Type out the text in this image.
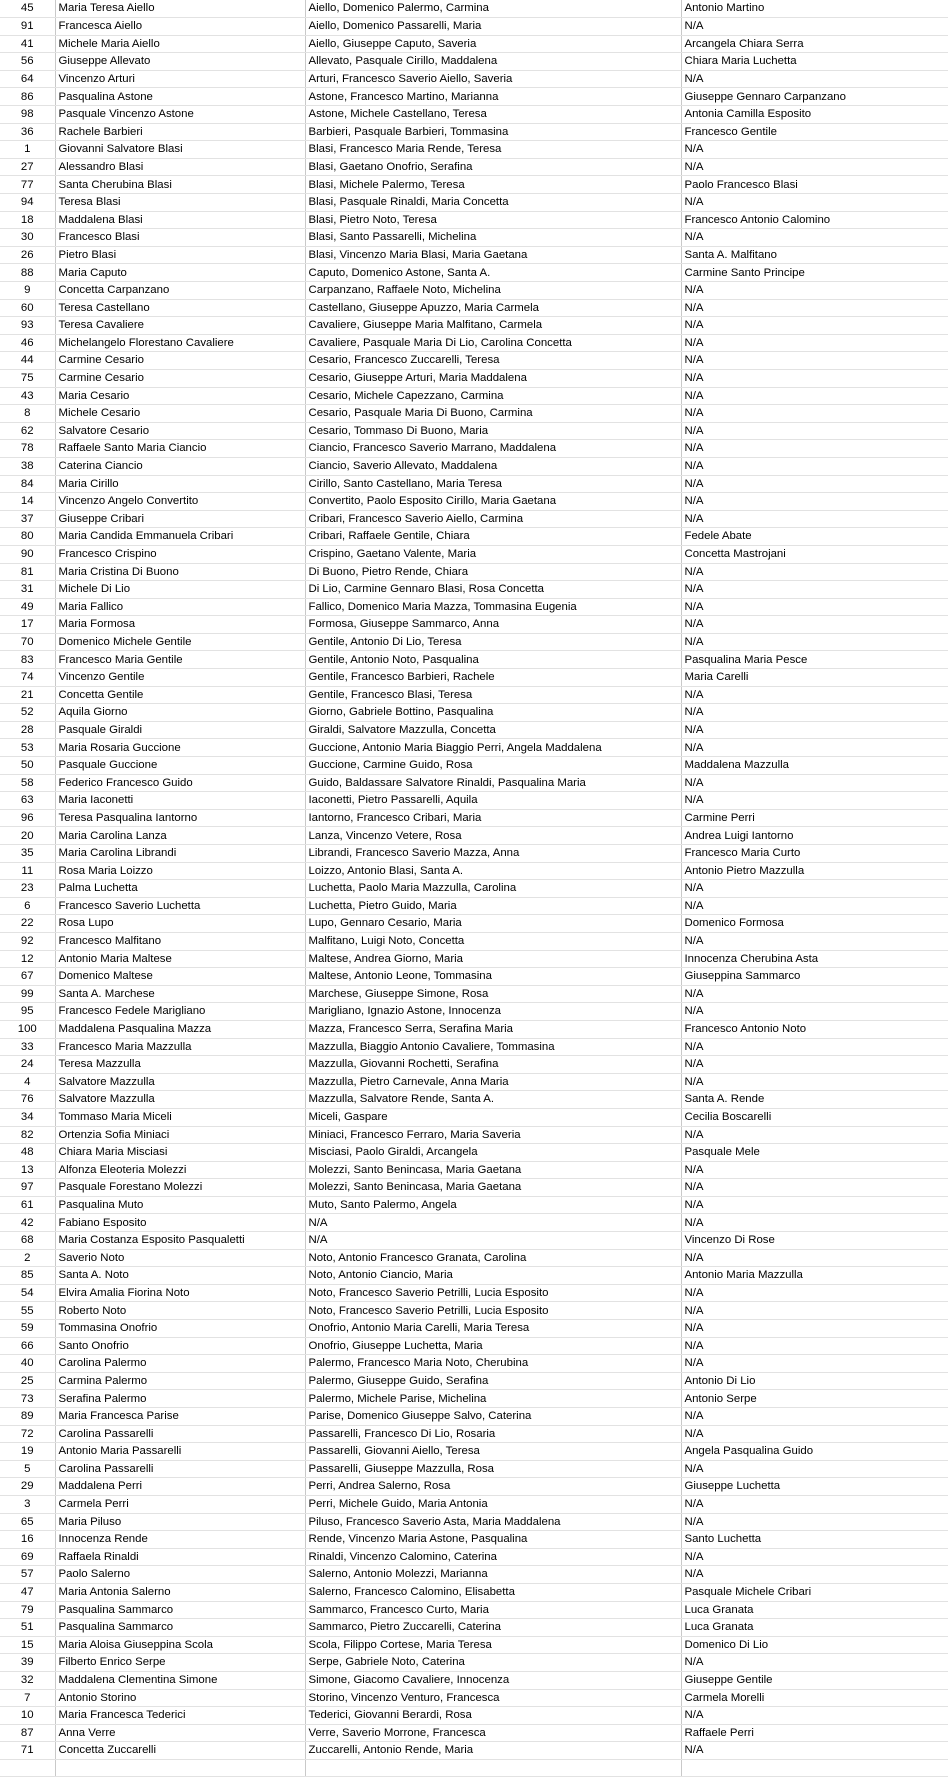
45	Maria Teresa Aiello	Aiello, Domenico Palermo, Carmina	Antonio Martino
91	Francesca Aiello	Aiello, Domenico Passarelli, Maria	N/A
41	Michele Maria Aiello	Aiello, Giuseppe Caputo, Saveria	Arcangela Chiara Serra
56	Giuseppe Allevato	Allevato, Pasquale Cirillo, Maddalena	Chiara Maria Luchetta
64	Vincenzo Arturi	Arturi, Francesco Saverio Aiello, Saveria	N/A
86	Pasqualina Astone	Astone, Francesco Martino, Marianna	Giuseppe Gennaro Carpanzano
98	Pasquale Vincenzo Astone	Astone, Michele Castellano, Teresa	Antonia Camilla Esposito
36	Rachele Barbieri	Barbieri, Pasquale Barbieri, Tommasina	Francesco Gentile
1	Giovanni Salvatore Blasi	Blasi, Francesco Maria Rende, Teresa	N/A
27	Alessandro Blasi	Blasi, Gaetano Onofrio, Serafina	N/A
77	Santa Cherubina Blasi	Blasi, Michele Palermo, Teresa	Paolo Francesco Blasi
94	Teresa Blasi	Blasi, Pasquale Rinaldi, Maria Concetta	N/A
18	Maddalena Blasi	Blasi, Pietro Noto, Teresa	Francesco Antonio Calomino
30	Francesco Blasi	Blasi, Santo Passarelli, Michelina	N/A
26	Pietro Blasi	Blasi, Vincenzo Maria Blasi, Maria Gaetana	Santa A. Malfitano
88	Maria Caputo	Caputo, Domenico Astone, Santa A.	Carmine Santo Principe
9	Concetta Carpanzano	Carpanzano, Raffaele Noto, Michelina	N/A
60	Teresa Castellano	Castellano, Giuseppe Apuzzo, Maria Carmela	N/A
93	Teresa Cavaliere	Cavaliere, Giuseppe Maria Malfitano, Carmela	N/A
46	Michelangelo Florestano Cavaliere	Cavaliere, Pasquale Maria Di Lio, Carolina Concetta	N/A
44	Carmine Cesario	Cesario, Francesco Zuccarelli, Teresa	N/A
75	Carmine Cesario	Cesario, Giuseppe Arturi, Maria Maddalena	N/A
43	Maria Cesario	Cesario, Michele Capezzano, Carmina	N/A
8	Michele Cesario	Cesario, Pasquale Maria Di Buono, Carmina	N/A
62	Salvatore Cesario	Cesario, Tommaso Di Buono, Maria	N/A
78	Raffaele Santo Maria Ciancio	Ciancio, Francesco Saverio Marrano, Maddalena	N/A
38	Caterina Ciancio	Ciancio, Saverio Allevato, Maddalena	N/A
84	Maria Cirillo	Cirillo, Santo Castellano, Maria Teresa	N/A
14	Vincenzo Angelo Convertito	Convertito, Paolo Esposito Cirillo, Maria Gaetana	N/A
37	Giuseppe Cribari	Cribari, Francesco Saverio Aiello, Carmina	N/A
80	Maria Candida Emmanuela Cribari	Cribari, Raffaele Gentile, Chiara	Fedele Abate
90	Francesco Crispino	Crispino, Gaetano Valente, Maria	Concetta Mastrojani
81	Maria Cristina Di Buono	Di Buono, Pietro Rende, Chiara	N/A
31	Michele Di Lio	Di Lio, Carmine Gennaro Blasi, Rosa Concetta	N/A
49	Maria Fallico	Fallico, Domenico Maria Mazza, Tommasina Eugenia	N/A
17	Maria Formosa	Formosa, Giuseppe Sammarco, Anna	N/A
70	Domenico Michele Gentile	Gentile, Antonio Di Lio, Teresa	N/A
83	Francesco Maria Gentile	Gentile, Antonio Noto, Pasqualina	Pasqualina Maria Pesce
74	Vincenzo Gentile	Gentile, Francesco Barbieri, Rachele	Maria Carelli
21	Concetta Gentile	Gentile, Francesco Blasi, Teresa	N/A
52	Aquila Giorno	Giorno, Gabriele Bottino, Pasqualina	N/A
28	Pasquale Giraldi	Giraldi, Salvatore Mazzulla, Concetta	N/A
53	Maria Rosaria Guccione	Guccione, Antonio Maria Biaggio Perri, Angela Maddalena	N/A
50	Pasquale Guccione	Guccione, Carmine Guido, Rosa	Maddalena Mazzulla
58	Federico Francesco Guido	Guido, Baldassare Salvatore Rinaldi, Pasqualina Maria	N/A
63	Maria Iaconetti	Iaconetti, Pietro Passarelli, Aquila	N/A
96	Teresa Pasqualina Iantorno	Iantorno, Francesco Cribari, Maria	Carmine Perri
20	Maria Carolina Lanza	Lanza, Vincenzo Vetere, Rosa	Andrea Luigi Iantorno
35	Maria Carolina Librandi	Librandi, Francesco Saverio Mazza, Anna	Francesco Maria Curto
11	Rosa Maria Loizzo	Loizzo, Antonio Blasi, Santa A.	Antonio Pietro Mazzulla
23	Palma Luchetta	Luchetta, Paolo Maria Mazzulla, Carolina	N/A
6	Francesco Saverio Luchetta	Luchetta, Pietro Guido, Maria	N/A
22	Rosa Lupo	Lupo, Gennaro Cesario, Maria	Domenico Formosa
92	Francesco Malfitano	Malfitano, Luigi Noto, Concetta	N/A
12	Antonio Maria Maltese	Maltese, Andrea Giorno, Maria	Innocenza Cherubina Asta
67	Domenico Maltese	Maltese, Antonio Leone, Tommasina	Giuseppina Sammarco
99	Santa A. Marchese	Marchese, Giuseppe Simone, Rosa	N/A
95	Francesco Fedele Marigliano	Marigliano, Ignazio Astone, Innocenza	N/A
100	Maddalena Pasqualina Mazza	Mazza, Francesco Serra, Serafina Maria	Francesco Antonio Noto
33	Francesco Maria Mazzulla	Mazzulla, Biaggio Antonio Cavaliere, Tommasina	N/A
24	Teresa Mazzulla	Mazzulla, Giovanni Rochetti, Serafina	N/A
4	Salvatore Mazzulla	Mazzulla, Pietro Carnevale, Anna Maria	N/A
76	Salvatore Mazzulla	Mazzulla, Salvatore Rende, Santa A.	Santa A. Rende
34	Tommaso Maria Miceli	Miceli, Gaspare	Cecilia Boscarelli
82	Ortenzia Sofia Miniaci	Miniaci, Francesco Ferraro, Maria Saveria	N/A
48	Chiara Maria Misciasi	Misciasi, Paolo Giraldi, Arcangela	Pasquale Mele
13	Alfonza Eleoteria Molezzi	Molezzi, Santo Benincasa, Maria Gaetana	N/A
97	Pasquale Forestano Molezzi	Molezzi, Santo Benincasa, Maria Gaetana	N/A
61	Pasqualina Muto	Muto, Santo Palermo, Angela	N/A
42	Fabiano Esposito	N/A	N/A
68	Maria Costanza Esposito Pasqualetti	N/A	Vincenzo Di Rose
2	Saverio Noto	Noto, Antonio Francesco Granata, Carolina	N/A
85	Santa A. Noto	Noto, Antonio Ciancio, Maria	Antonio Maria Mazzulla
54	Elvira Amalia Fiorina Noto	Noto, Francesco Saverio Petrilli, Lucia Esposito	N/A
55	Roberto Noto	Noto, Francesco Saverio Petrilli, Lucia Esposito	N/A
59	Tommasina Onofrio	Onofrio, Antonio Maria Carelli, Maria Teresa	N/A
66	Santo Onofrio	Onofrio, Giuseppe Luchetta, Maria	N/A
40	Carolina Palermo	Palermo, Francesco Maria Noto, Cherubina	N/A
25	Carmina Palermo	Palermo, Giuseppe Guido, Serafina	Antonio Di Lio
73	Serafina Palermo	Palermo, Michele Parise, Michelina	Antonio Serpe
89	Maria Francesca Parise	Parise, Domenico Giuseppe Salvo, Caterina	N/A
72	Carolina Passarelli	Passarelli, Francesco Di Lio, Rosaria	N/A
19	Antonio Maria Passarelli	Passarelli, Giovanni Aiello, Teresa	Angela Pasqualina Guido
5	Carolina Passarelli	Passarelli, Giuseppe Mazzulla, Rosa	N/A
29	Maddalena Perri	Perri, Andrea Salerno, Rosa	Giuseppe Luchetta
3	Carmela Perri	Perri, Michele Guido, Maria Antonia	N/A
65	Maria Piluso	Piluso, Francesco Saverio Asta, Maria Maddalena	N/A
16	Innocenza Rende	Rende, Vincenzo Maria Astone, Pasqualina	Santo Luchetta
69	Raffaela Rinaldi	Rinaldi, Vincenzo Calomino, Caterina	N/A
57	Paolo Salerno	Salerno, Antonio Molezzi, Marianna	N/A
47	Maria Antonia Salerno	Salerno, Francesco Calomino, Elisabetta	Pasquale Michele Cribari
79	Pasqualina Sammarco	Sammarco, Francesco Curto, Maria	Luca Granata
51	Pasqualina Sammarco	Sammarco, Pietro Zuccarelli, Caterina	Luca Granata
15	Maria Aloisa Giuseppina Scola	Scola, Filippo Cortese, Maria Teresa	Domenico Di Lio
39	Filberto Enrico Serpe	Serpe, Gabriele Noto, Caterina	N/A
32	Maddalena Clementina Simone	Simone, Giacomo Cavaliere, Innocenza	Giuseppe Gentile
7	Antonio Storino	Storino, Vincenzo Venturo, Francesca	Carmela Morelli
10	Maria Francesca Tederici	Tederici, Giovanni Berardi, Rosa	N/A
87	Anna Verre	Verre, Saverio Morrone, Francesca	Raffaele Perri
71	Concetta Zuccarelli	Zuccarelli, Antonio Rende, Maria	N/A
